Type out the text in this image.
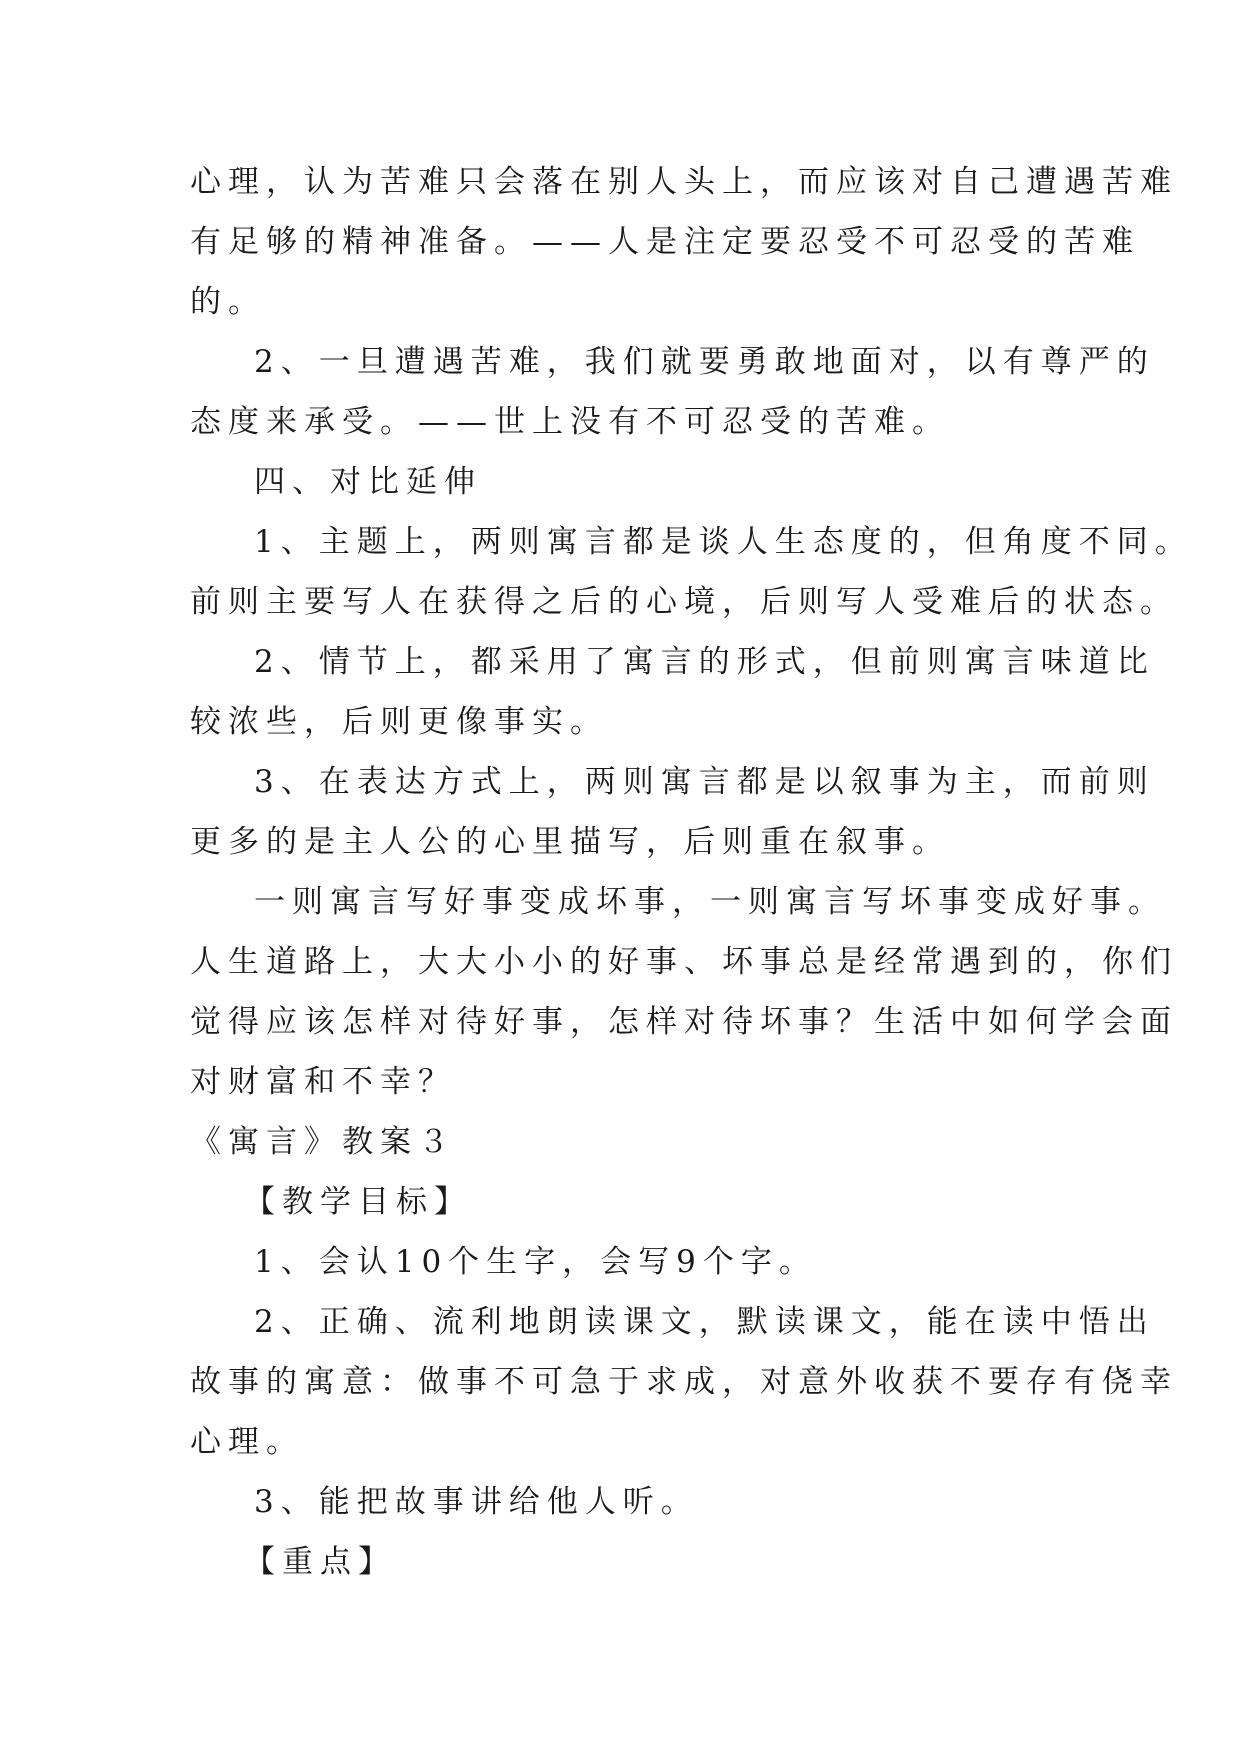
心理，认为苦难只会落在别人头上，而应该对自己遭遇苦难
有足够的精神准备。——人是注定要忍受不可忍受的苦难
的。
2、一旦遭遇苦难，我们就要勇敢地面对，以有尊严的
态度来承受。——世上没有不可忍受的苦难。
四、对比延伸
1、主题上，两则寓言都是谈人生态度的，但角度不同。
前则主要写人在获得之后的心境，后则写人受难后的状态。
2、情节上，都采用了寓言的形式，但前则寓言味道比
较浓些，后则更像事实。
3、在表达方式上，两则寓言都是以叙事为主，而前则
更多的是主人公的心里描写，后则重在叙事。
一则寓言写好事变成坏事，一则寓言写坏事变成好事。
人生道路上，大大小小的好事、坏事总是经常遇到的，你们
觉得应该怎样对待好事，怎样对待坏事？生活中如何学会面
对财富和不幸？
《寓言》教案３
【教学目标】
1、会认10个生字，会写9个字。
2、正确、流利地朗读课文，默读课文，能在读中悟出
故事的寓意：做事不可急于求成，对意外收获不要存有侥幸
心理。
3、能把故事讲给他人听。
【重点】
